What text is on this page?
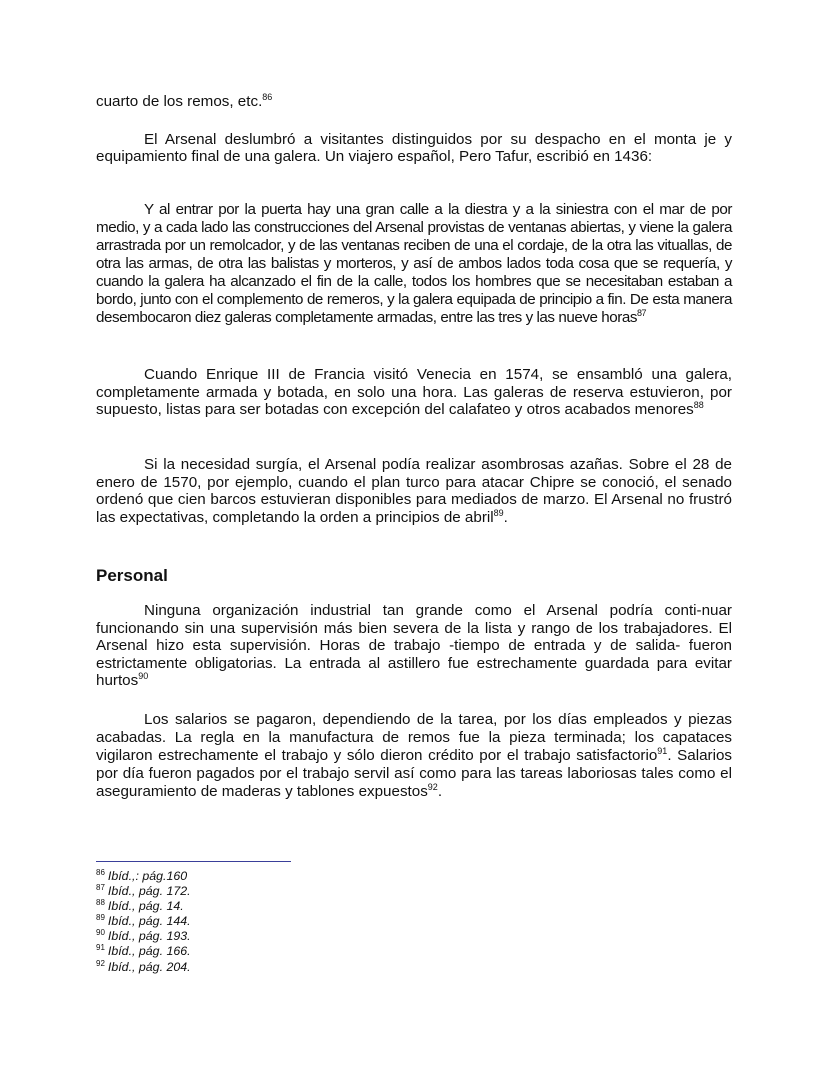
cuarto de los remos, etc.$^{86}$
El Arsenal deslumbró a visitantes distinguidos por su despacho en el monta je y equipamiento final de una galera. Un viajero español, Pero Tafur, escribió en 1436:
Y al entrar por la puerta hay una gran calle a la diestra y a la siniestra con el mar de por medio, y a cada lado las construcciones del Arsenal provistas de ventanas abiertas, y viene la galera arrastrada por un remolcador, y de las ventanas reciben de una el cordaje, de la otra las vituallas, de otra las armas, de otra las balistas y morteros, y así de ambos lados toda cosa que se requería, y cuando la galera ha alcanzado el fin de la calle, todos los hombres que se necesitaban estaban a bordo, junto con el complemento de remeros, y la galera equipada de principio a fin. De esta manera desembocaron diez galeras completamente armadas, entre las tres y las nueve horas$^{87}$
Cuando Enrique III de Francia visitó Venecia en 1574, se ensambló una galera, completamente armada y botada, en solo una hora. Las galeras de reserva estuvieron, por supuesto, listas para ser botadas con excepción del calafateo y otros acabados menores$^{88}$
Si la necesidad surgía, el Arsenal podía realizar asombrosas azañas. Sobre el 28 de enero de 1570, por ejemplo, cuando el plan turco para atacar Chipre se conoció, el senado ordenó que cien barcos estuvieran disponibles para mediados de marzo. El Arsenal no frustró las expectativas, completando la orden a principios de abril$^{89}$.
Personal
Ninguna organización industrial tan grande como el Arsenal podría conti-nuar funcionando sin una supervisión más bien severa de la lista y rango de los trabajadores. El Arsenal hizo esta supervisión. Horas de trabajo -tiempo de entrada y de salida- fueron estrictamente obligatorias. La entrada al astillero fue estrechamente guardada para evitar hurtos$^{90}$
Los salarios se pagaron, dependiendo de la tarea, por los días empleados y piezas acabadas. La regla en la manufactura de remos fue la pieza terminada; los capataces vigilaron estrechamente el trabajo y sólo dieron crédito por el trabajo satisfactorio$^{91}$. Salarios por día fueron pagados por el trabajo servil así como para las tareas laboriosas tales como el aseguramiento de maderas y tablones expuestos$^{92}$.
$^{86}$ Ibíd.,: pág.160
$^{87}$ Ibíd., pág. 172.
$^{88}$ Ibíd., pág. 14.
$^{89}$ Ibíd., pág. 144.
$^{90}$ Ibíd., pág. 193.
$^{91}$ Ibíd., pág. 166.
$^{92}$ Ibíd., pág. 204.
